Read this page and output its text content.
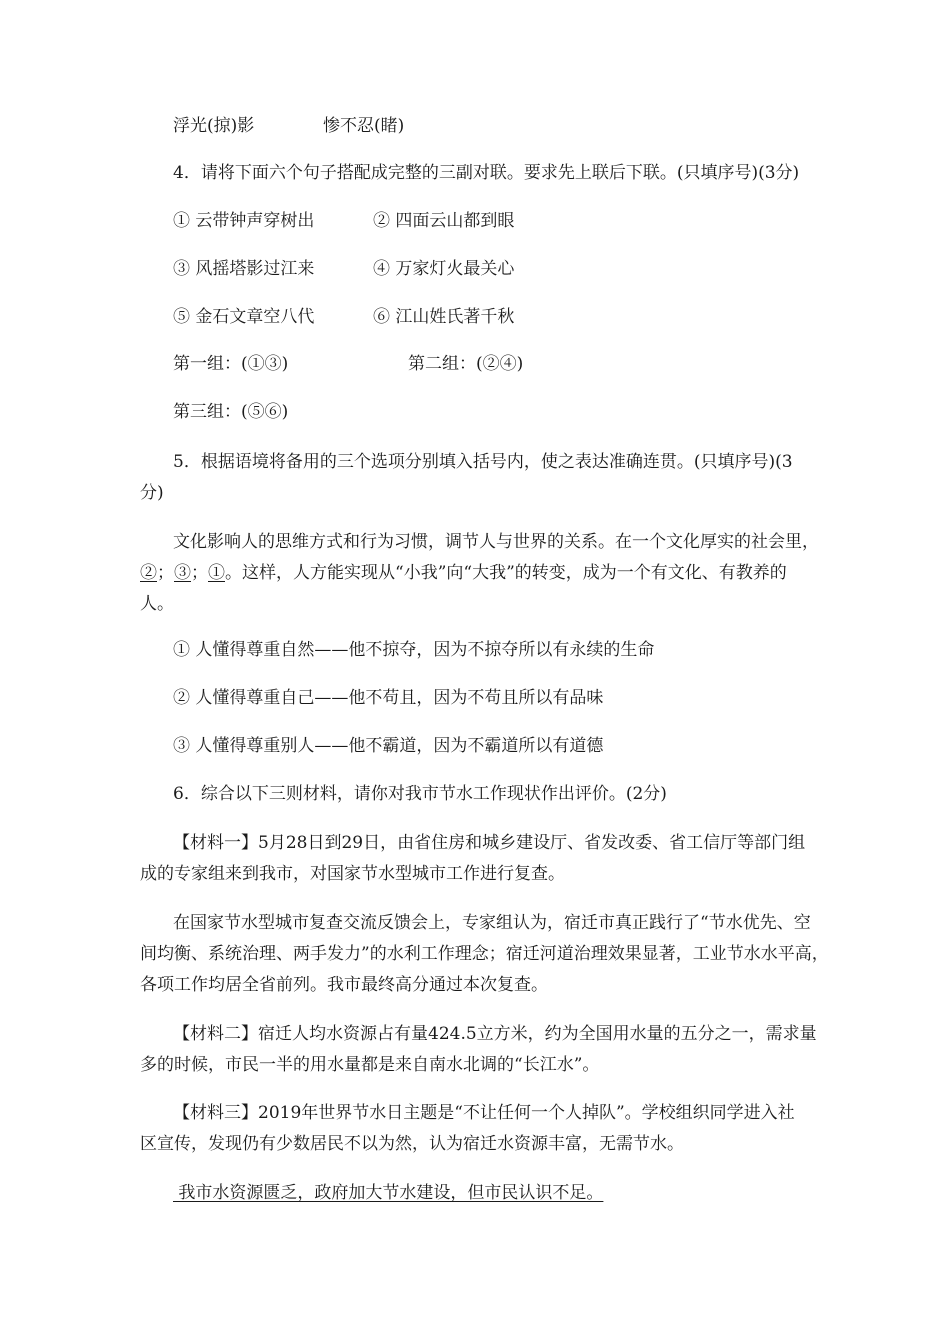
浮光(掠)影	惨不忍(睹)
4．请将下面六个句子搭配成完整的三副对联。要求先上联后下联。(只填序号)(3分)
① 云带钟声穿树出	② 四面云山都到眼
③ 风摇塔影过江来	④ 万家灯火最关心
⑤ 金石文章空八代	⑥ 江山姓氏著千秋
第一组：(①③)	第二组：(②④)
第三组：(⑤⑥)
5．根据语境将备用的三个选项分别填入括号内，使之表达准确连贯。(只填序号)(3
分)
文化影响人的思维方式和行为习惯，调节人与世界的关系。在一个文化厚实的社会里，
②；③；①。这样，人方能实现从“小我”向“大我”的转变，成为一个有文化、有教养的
人。
① 人懂得尊重自然——他不掠夺，因为不掠夺所以有永续的生命
② 人懂得尊重自己——他不苟且，因为不苟且所以有品味
③ 人懂得尊重别人——他不霸道，因为不霸道所以有道德
6．综合以下三则材料，请你对我市节水工作现状作出评价。(2分)
【材料一】5月28日到29日，由省住房和城乡建设厅、省发改委、省工信厅等部门组
成的专家组来到我市，对国家节水型城市工作进行复查。
在国家节水型城市复查交流反馈会上，专家组认为，宿迁市真正践行了“节水优先、空
间均衡、系统治理、两手发力”的水利工作理念；宿迁河道治理效果显著，工业节水水平高，
各项工作均居全省前列。我市最终高分通过本次复查。
【材料二】宿迁人均水资源占有量424.5立方米，约为全国用水量的五分之一，需求量
多的时候，市民一半的用水量都是来自南水北调的“长江水”。
【材料三】2019年世界节水日主题是“不让任何一个人掉队”。学校组织同学进入社
区宣传，发现仍有少数居民不以为然，认为宿迁水资源丰富，无需节水。
我市水资源匮乏，政府加大节水建设，但市民认识不足。
